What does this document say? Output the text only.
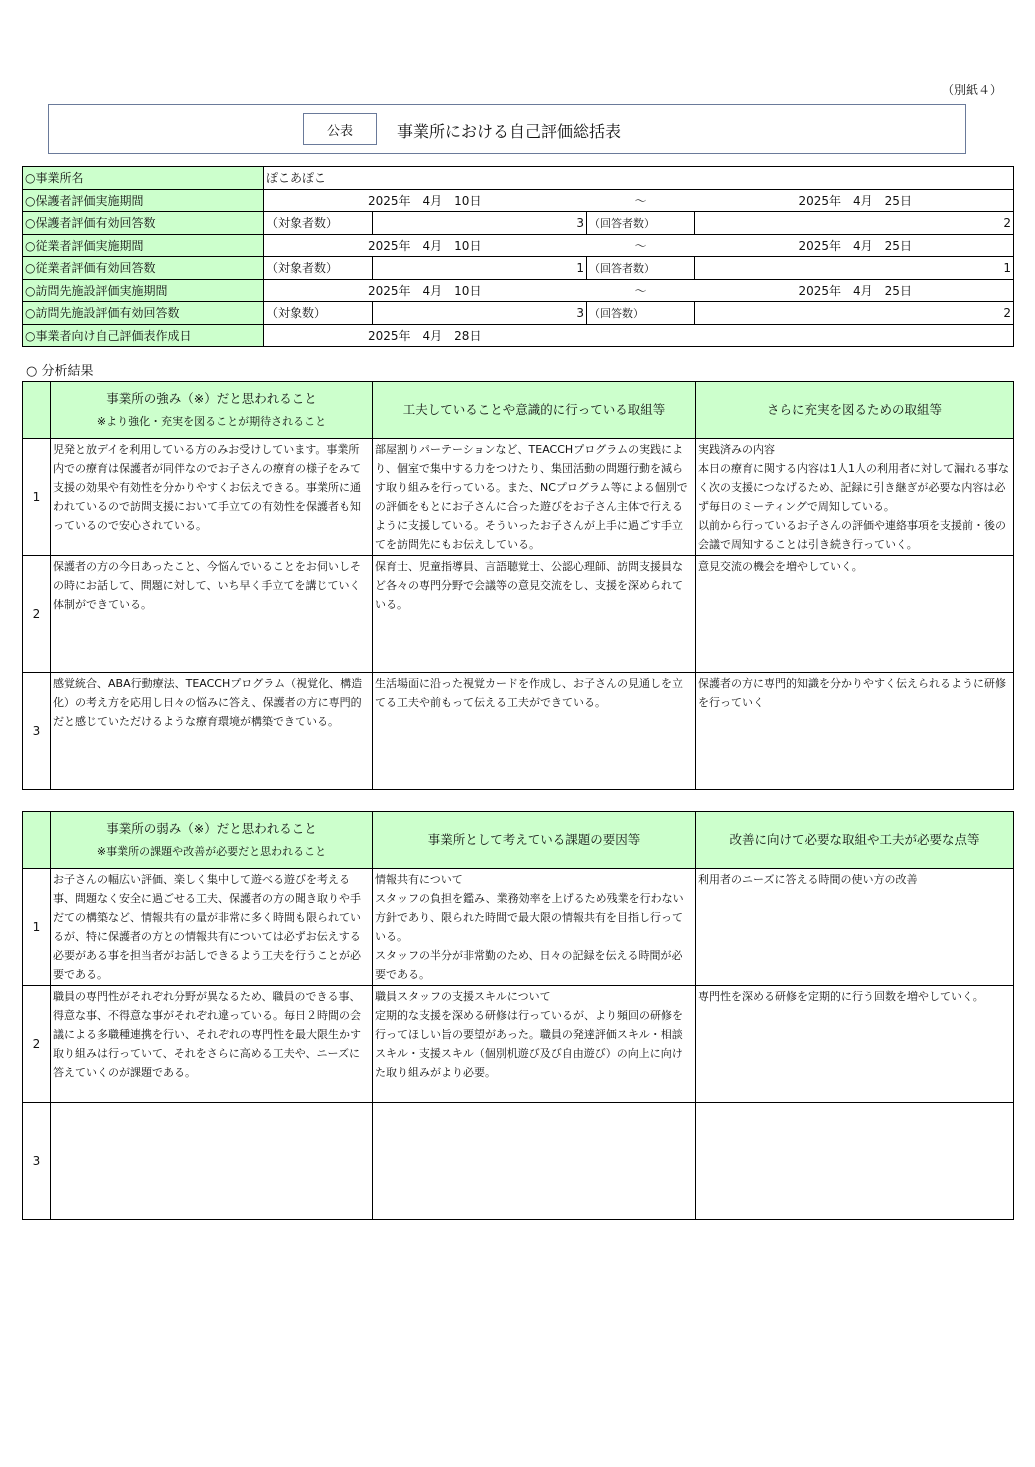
（別紙４）
公表	事業所における自己評価総括表
○事業所名	ぽこあぽこ			
○保護者評価実施期間	2025年　4月　10日		～	2025年　4月　25日
○保護者評価有効回答数	（対象者数）	3	（回答者数）	2
○従業者評価実施期間	2025年　4月　10日		～	2025年　4月　25日
○従業者評価有効回答数	（対象者数）	1	（回答者数）	1
○訪問先施設評価実施期間	2025年　4月　10日		～	2025年　4月　25日
○訪問先施設評価有効回答数	（対象数）	3	（回答数）	2
○事業者向け自己評価表作成日	2025年　4月　28日			
○ 分析結果

	事業所の強み（※）だと思われること
※より強化・充実を図ることが期待されること	工夫していることや意識的に行っている取組等	さらに充実を図るための取組等
1	児発と放デイを利用している方のみお受けしています。事業所内での療育は保護者が同伴なのでお子さんの療育の様子をみて支援の効果や有効性を分かりやすくお伝えできる。事業所に通われているので訪問支援において手立ての有効性を保護者も知っているので安心されている。	部屋割りパーテーションなど、TEACCHプログラムの実践により、個室で集中する力をつけたり、集団活動の問題行動を減らす取り組みを行っている。また、NCプログラム等による個別での評価をもとにお子さんに合った遊びをお子さん主体で行えるように支援している。そういったお子さんが上手に過ごす手立てを訪問先にもお伝えしている。	実践済みの内容
本日の療育に関する内容は1人1人の利用者に対して漏れる事なく次の支援につなげるため、記録に引き継ぎが必要な内容は必ず毎日のミーティングで周知している。
以前から行っているお子さんの評価や連絡事項を支援前・後の会議で周知することは引き続き行っていく。
2	保護者の方の今日あったこと、今悩んでいることをお伺いしその時にお話して、問題に対して、いち早く手立てを講じていく体制ができている。	保育士、児童指導員、言語聴覚士、公認心理師、訪問支援員など各々の専門分野で会議等の意見交流をし、支援を深められている。	意見交流の機会を増やしていく。
3	感覚統合、ABA行動療法、TEACCHプログラム（視覚化、構造化）の考え方を応用し日々の悩みに答え、保護者の方に専門的だと感じていただけるような療育環境が構築できている。	生活場面に沿った視覚カードを作成し、お子さんの見通しを立てる工夫や前もって伝える工夫ができている。	保護者の方に専門的知識を分かりやすく伝えられるように研修を行っていく

	事業所の弱み（※）だと思われること
※事業所の課題や改善が必要だと思われること	事業所として考えている課題の要因等	改善に向けて必要な取組や工夫が必要な点等
1	お子さんの幅広い評価、楽しく集中して遊べる遊びを考える事、問題なく安全に過ごせる工夫、保護者の方の聞き取りや手だての構築など、情報共有の量が非常に多く時間も限られているが、特に保護者の方との情報共有については必ずお伝えする必要がある事を担当者がお話しできるよう工夫を行うことが必要である。	情報共有について
スタッフの負担を鑑み、業務効率を上げるため残業を行わない方針であり、限られた時間で最大限の情報共有を目指し行っている。
スタッフの半分が非常勤のため、日々の記録を伝える時間が必要である。	利用者のニーズに答える時間の使い方の改善
2	職員の専門性がそれぞれ分野が異なるため、職員のできる事、得意な事、不得意な事がそれぞれ違っている。毎日２時間の会議による多職種連携を行い、それぞれの専門性を最大限生かす取り組みは行っていて、それをさらに高める工夫や、ニーズに答えていくのが課題である。	職員スタッフの支援スキルについて
定期的な支援を深める研修は行っているが、より頻回の研修を行ってほしい旨の要望があった。職員の発達評価スキル・相談スキル・支援スキル（個別机遊び及び自由遊び）の向上に向けた取り組みがより必要。	専門性を深める研修を定期的に行う回数を増やしていく。
3			
